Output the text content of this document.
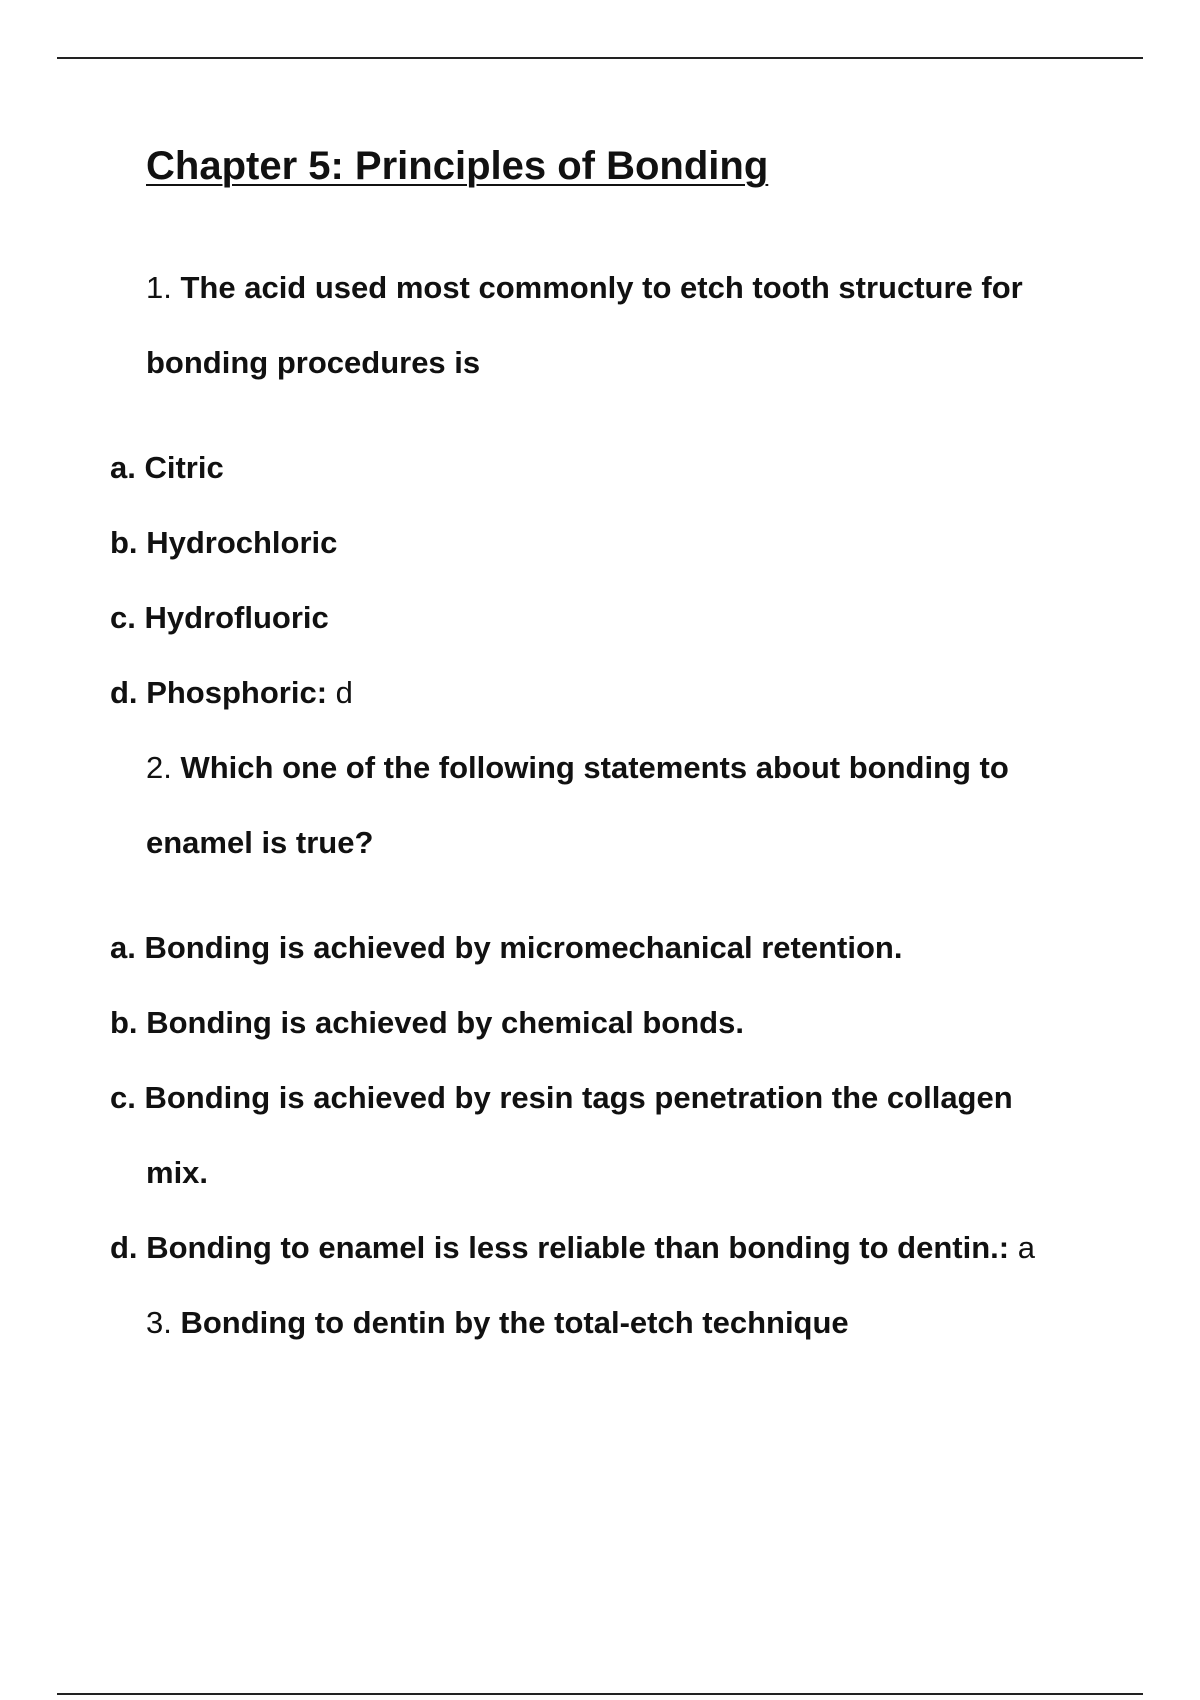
Chapter 5: Principles of Bonding
1. The acid used most commonly to etch tooth structure for
bonding procedures is
a. Citric
b. Hydrochloric
c. Hydrofluoric
d. Phosphoric: d
2. Which one of the following statements about bonding to
enamel is true?
a. Bonding is achieved by micromechanical retention.
b. Bonding is achieved by chemical bonds.
c. Bonding is achieved by resin tags penetration the collagen
mix.
d. Bonding to enamel is less reliable than bonding to dentin.: a
3. Bonding to dentin by the total-etch technique
